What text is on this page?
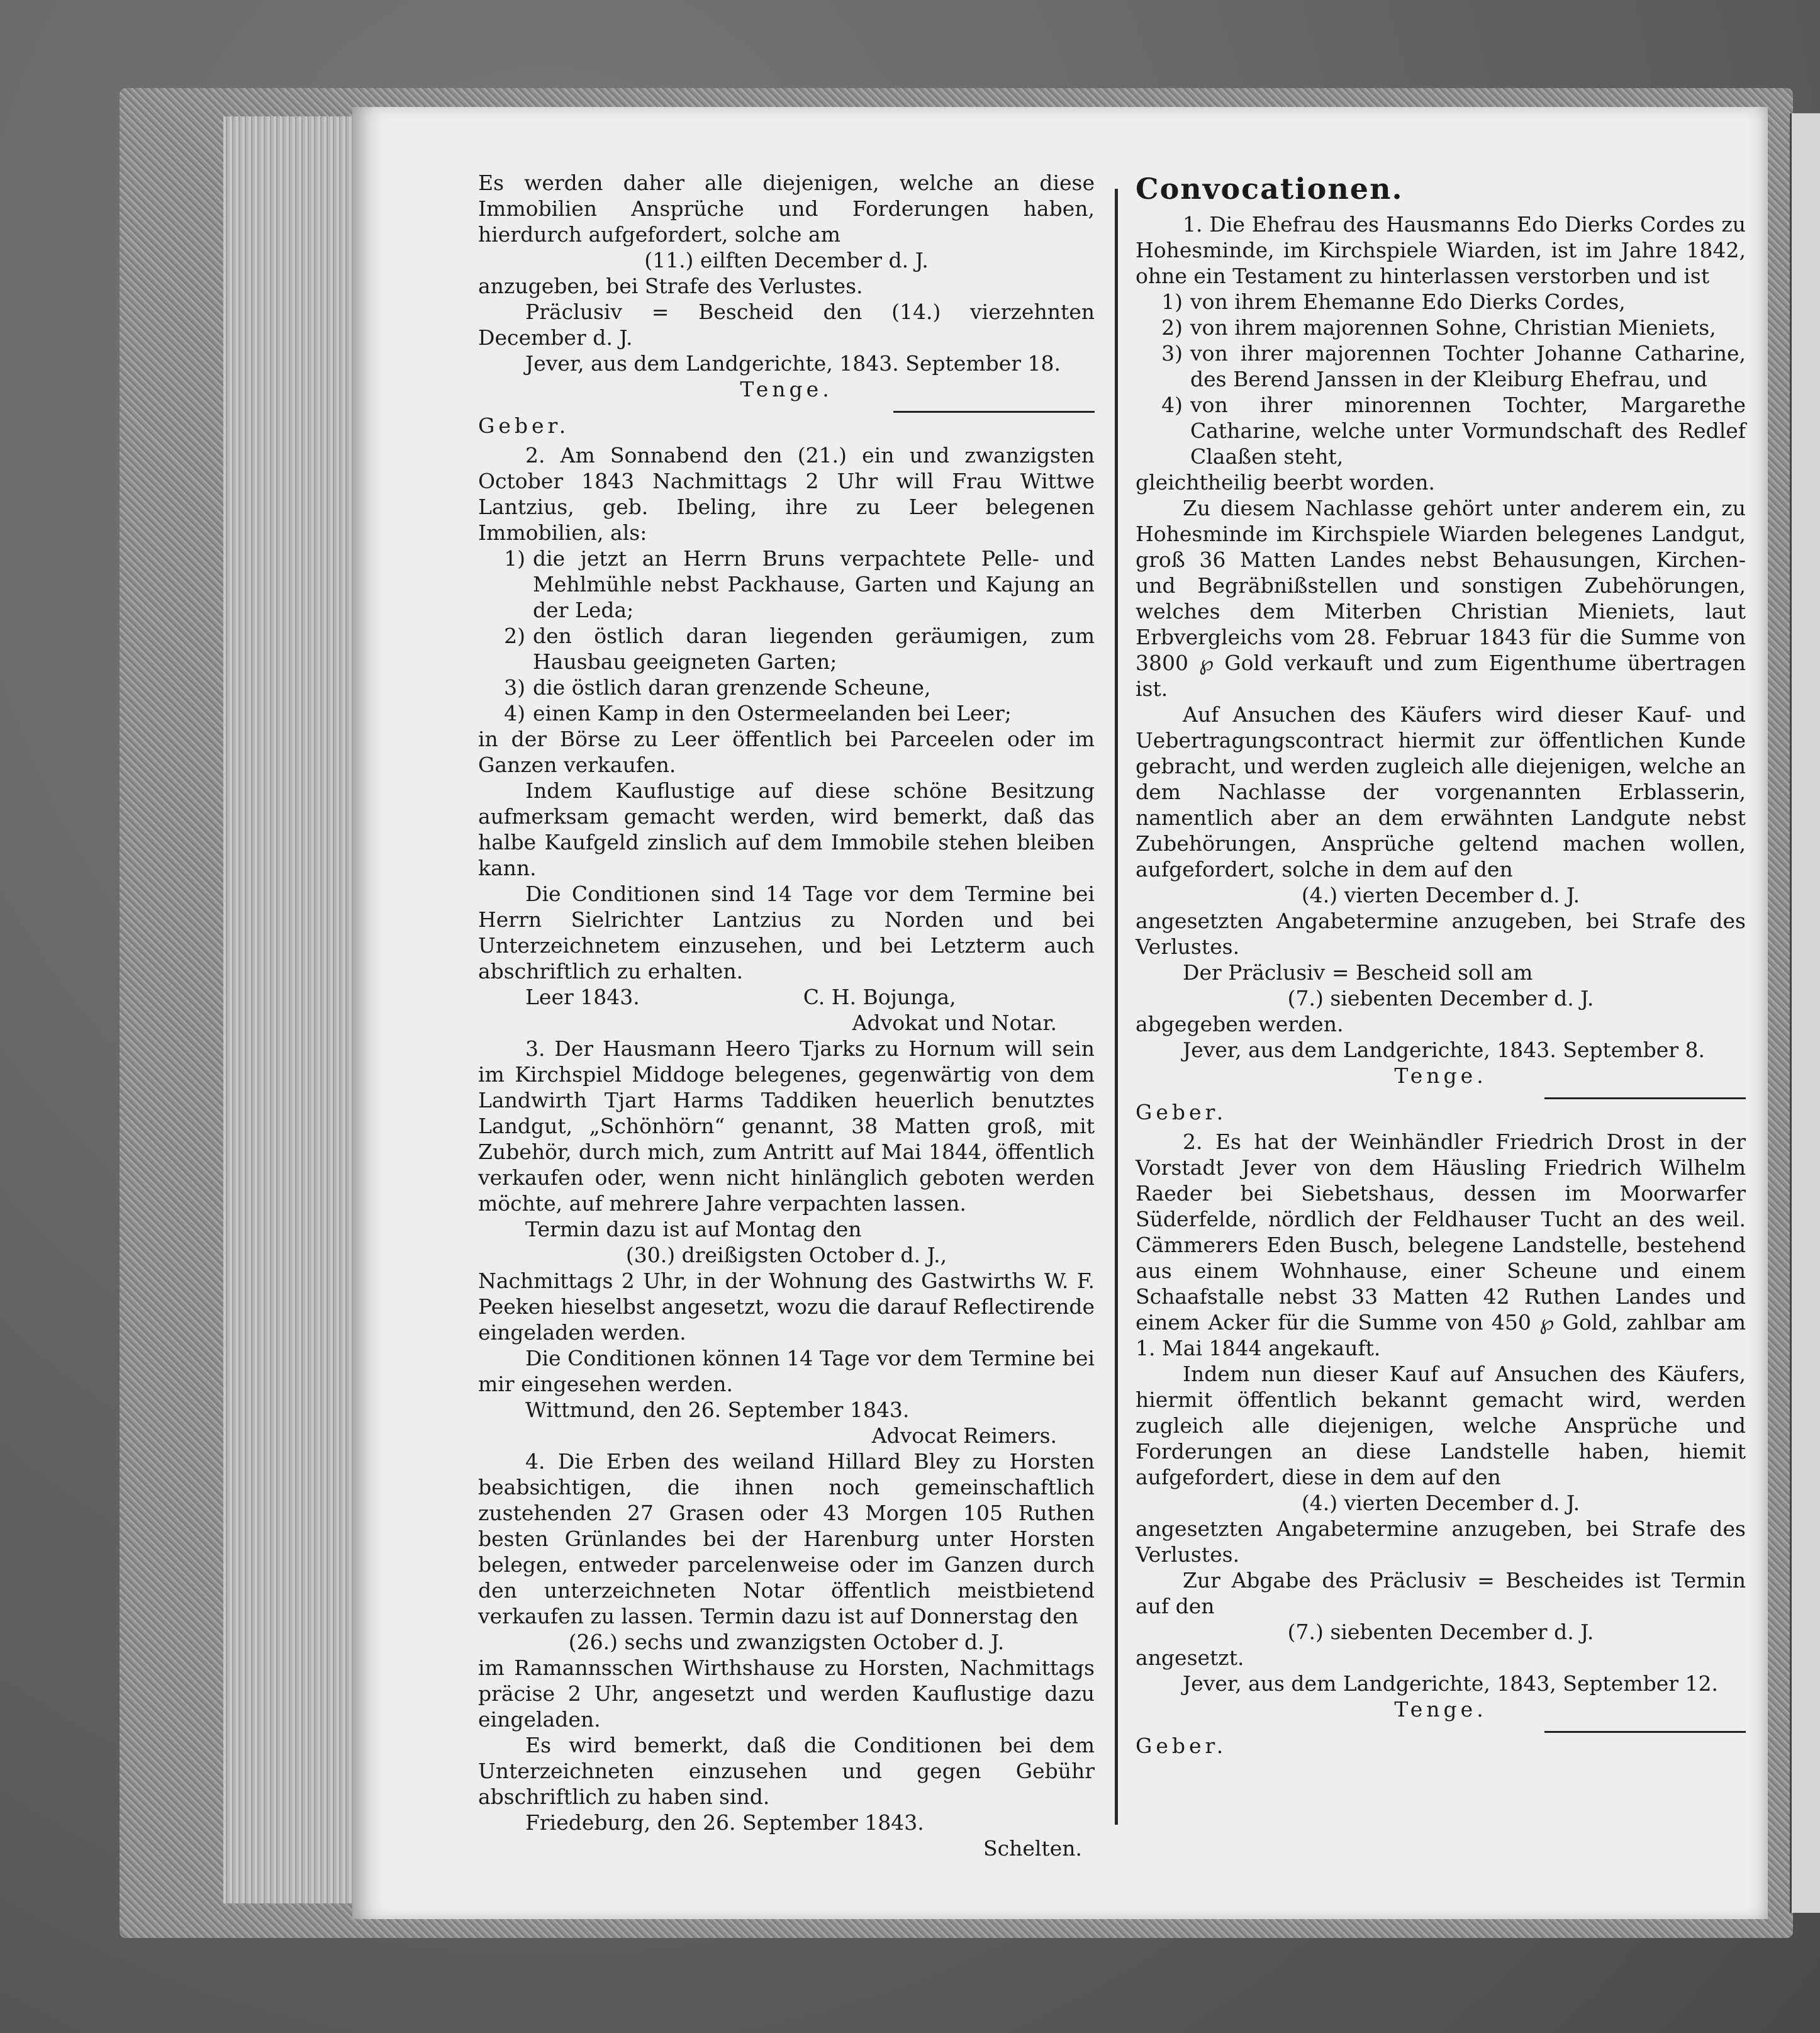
Es werden daher alle diejenigen, welche an diese Immobilien Ansprüche und Forderungen haben, hierdurch aufgefordert, solche am

(11.) eilften December d. J.

anzugeben, bei Strafe des Verlustes.

Präclusiv = Bescheid den (14.) vierzehnten December d. J.

Jever, aus dem Landgerichte, 1843. September 18.

Tenge.

Geber.

2. Am Sonnabend den (21.) ein und zwanzigsten October 1843 Nachmittags 2 Uhr will Frau Wittwe Lantzius, geb. Ibeling, ihre zu Leer belegenen Immobilien, als:

1) die jetzt an Herrn Bruns verpachtete Pelle- und Mehlmühle nebst Packhause, Garten und Kajung an der Leda;
2) den östlich daran liegenden geräumigen, zum Hausbau geeigneten Garten;
3) die östlich daran grenzende Scheune,
4) einen Kamp in den Ostermeelanden bei Leer;

in der Börse zu Leer öffentlich bei Parceelen oder im Ganzen verkaufen.

Indem Kauflustige auf diese schöne Besitzung aufmerksam gemacht werden, wird bemerkt, daß das halbe Kaufgeld zinslich auf dem Immobile stehen bleiben kann.

Die Conditionen sind 14 Tage vor dem Termine bei Herrn Sielrichter Lantzius zu Norden und bei Unterzeichnetem einzusehen, und bei Letzterm auch abschriftlich zu erhalten.

Leer 1843.	C. H. Bojunga,

Advokat und Notar.

3. Der Hausmann Heero Tjarks zu Hornum will sein im Kirchspiel Middoge belegenes, gegenwärtig von dem Landwirth Tjart Harms Taddiken heuerlich benutztes Landgut, „Schönhörn“ genannt, 38 Matten groß, mit Zubehör, durch mich, zum Antritt auf Mai 1844, öffentlich verkaufen oder, wenn nicht hinlänglich geboten werden möchte, auf mehrere Jahre verpachten lassen.

Termin dazu ist auf Montag den

(30.) dreißigsten October d. J.,

Nachmittags 2 Uhr, in der Wohnung des Gastwirths W. F. Peeken hieselbst angesetzt, wozu die darauf Reflectirende eingeladen werden.

Die Conditionen können 14 Tage vor dem Termine bei mir eingesehen werden.

Wittmund, den 26. September 1843.

Advocat Reimers.

4. Die Erben des weiland Hillard Bley zu Horsten beabsichtigen, die ihnen noch gemeinschaftlich zustehenden 27 Grasen oder 43 Morgen 105 Ruthen besten Grünlandes bei der Harenburg unter Horsten belegen, entweder parcelenweise oder im Ganzen durch den unterzeichneten Notar öffentlich meistbietend verkaufen zu lassen. Termin dazu ist auf Donnerstag den

(26.) sechs und zwanzigsten October d. J.

im Ramannsschen Wirthshause zu Horsten, Nachmittags präcise 2 Uhr, angesetzt und werden Kauflustige dazu eingeladen.

Es wird bemerkt, daß die Conditionen bei dem Unterzeichneten einzusehen und gegen Gebühr abschriftlich zu haben sind.

Friedeburg, den 26. September 1843.

Schelten.

Convocationen.

1. Die Ehefrau des Hausmanns Edo Dierks Cordes zu Hohesminde, im Kirchspiele Wiarden, ist im Jahre 1842, ohne ein Testament zu hinterlassen verstorben und ist

1) von ihrem Ehemanne Edo Dierks Cordes,
2) von ihrem majorennen Sohne, Christian Mieniets,
3) von ihrer majorennen Tochter Johanne Catharine, des Berend Janssen in der Kleiburg Ehefrau, und
4) von ihrer minorennen Tochter, Margarethe Catharine, welche unter Vormundschaft des Redlef Claaßen steht,

gleichtheilig beerbt worden.

Zu diesem Nachlasse gehört unter anderem ein, zu Hohesminde im Kirchspiele Wiarden belegenes Landgut, groß 36 Matten Landes nebst Behausungen, Kirchen- und Begräbnißstellen und sonstigen Zubehörungen, welches dem Miterben Christian Mieniets, laut Erbvergleichs vom 28. Februar 1843 für die Summe von 3800 ℘ Gold verkauft und zum Eigenthume übertragen ist.

Auf Ansuchen des Käufers wird dieser Kauf- und Uebertragungscontract hiermit zur öffentlichen Kunde gebracht, und werden zugleich alle diejenigen, welche an dem Nachlasse der vorgenannten Erblasserin, namentlich aber an dem erwähnten Landgute nebst Zubehörungen, Ansprüche geltend machen wollen, aufgefordert, solche in dem auf den

(4.) vierten December d. J.

angesetzten Angabetermine anzugeben, bei Strafe des Verlustes.

Der Präclusiv = Bescheid soll am

(7.) siebenten December d. J.

abgegeben werden.

Jever, aus dem Landgerichte, 1843. September 8.

Tenge.

Geber.

2. Es hat der Weinhändler Friedrich Drost in der Vorstadt Jever von dem Häusling Friedrich Wilhelm Raeder bei Siebetshaus, dessen im Moorwarfer Süderfelde, nördlich der Feldhauser Tucht an des weil. Cämmerers Eden Busch, belegene Landstelle, bestehend aus einem Wohnhause, einer Scheune und einem Schaafstalle nebst 33 Matten 42 Ruthen Landes und einem Acker für die Summe von 450 ℘ Gold, zahlbar am 1. Mai 1844 angekauft.

Indem nun dieser Kauf auf Ansuchen des Käufers, hiermit öffentlich bekannt gemacht wird, werden zugleich alle diejenigen, welche Ansprüche und Forderungen an diese Landstelle haben, hiemit aufgefordert, diese in dem auf den

(4.) vierten December d. J.

angesetzten Angabetermine anzugeben, bei Strafe des Verlustes.

Zur Abgabe des Präclusiv = Bescheides ist Termin auf den

(7.) siebenten December d. J.

angesetzt.

Jever, aus dem Landgerichte, 1843, September 12.

Tenge.

Geber.
